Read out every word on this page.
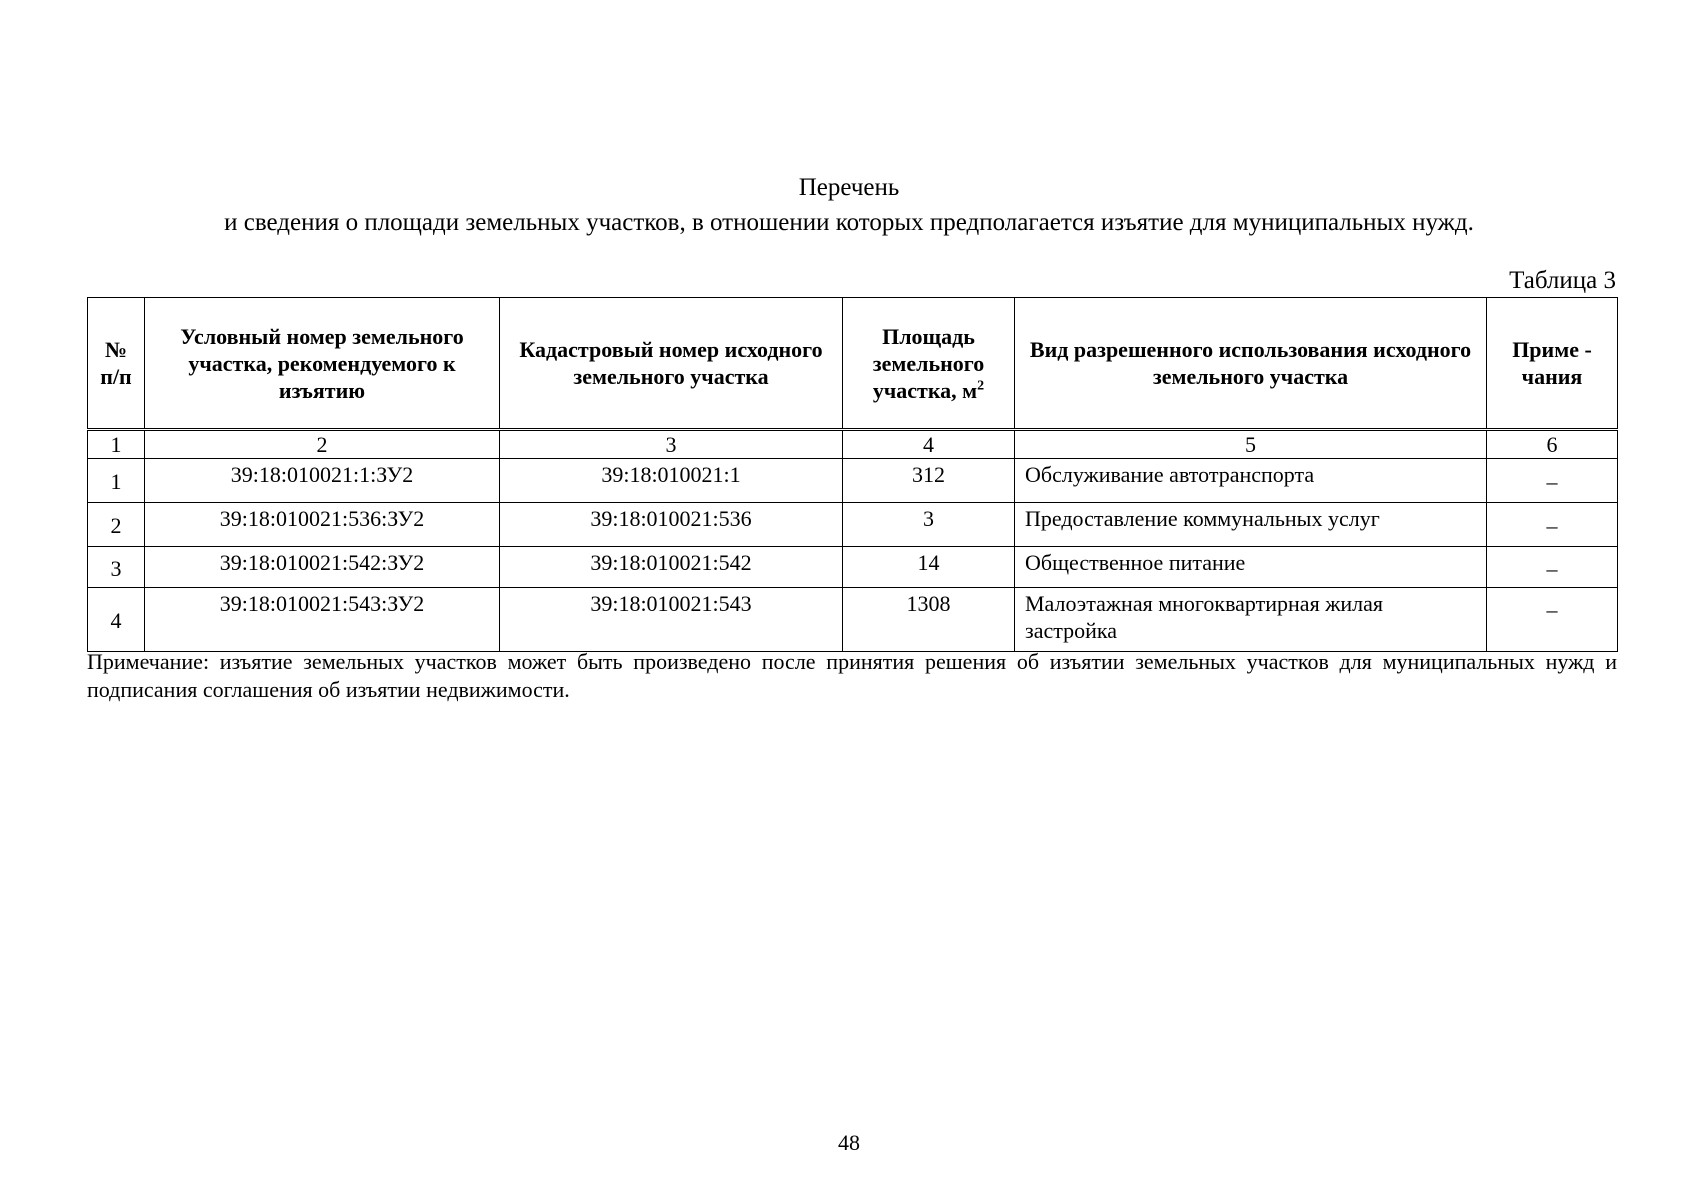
Перечень
и сведения о площади земельных участков, в отношении которых предполагается изъятие для муниципальных нужд.
Таблица 3
№ п/п	Условный номер земельного участка, рекомендуемого к изъятию	Кадастровый номер исходного земельного участка	Площадь земельного участка, $м^2$	Вид разрешенного использования исходного земельного участка	Приме - чания
1	2	3	4	5	6
1	39:18:010021:1:ЗУ2	39:18:010021:1	312	Обслуживание автотранспорта	–
2	39:18:010021:536:ЗУ2	39:18:010021:536	3	Предоставление коммунальных услуг	–
3	39:18:010021:542:ЗУ2	39:18:010021:542	14	Общественное питание	–
4	39:18:010021:543:ЗУ2	39:18:010021:543	1308	Малоэтажная многоквартирная жилая застройка	–
Примечание: изъятие земельных участков может быть произведено после принятия решения об изъятии земельных участков для муниципальных нужд и подписания соглашения об изъятии недвижимости.
48
